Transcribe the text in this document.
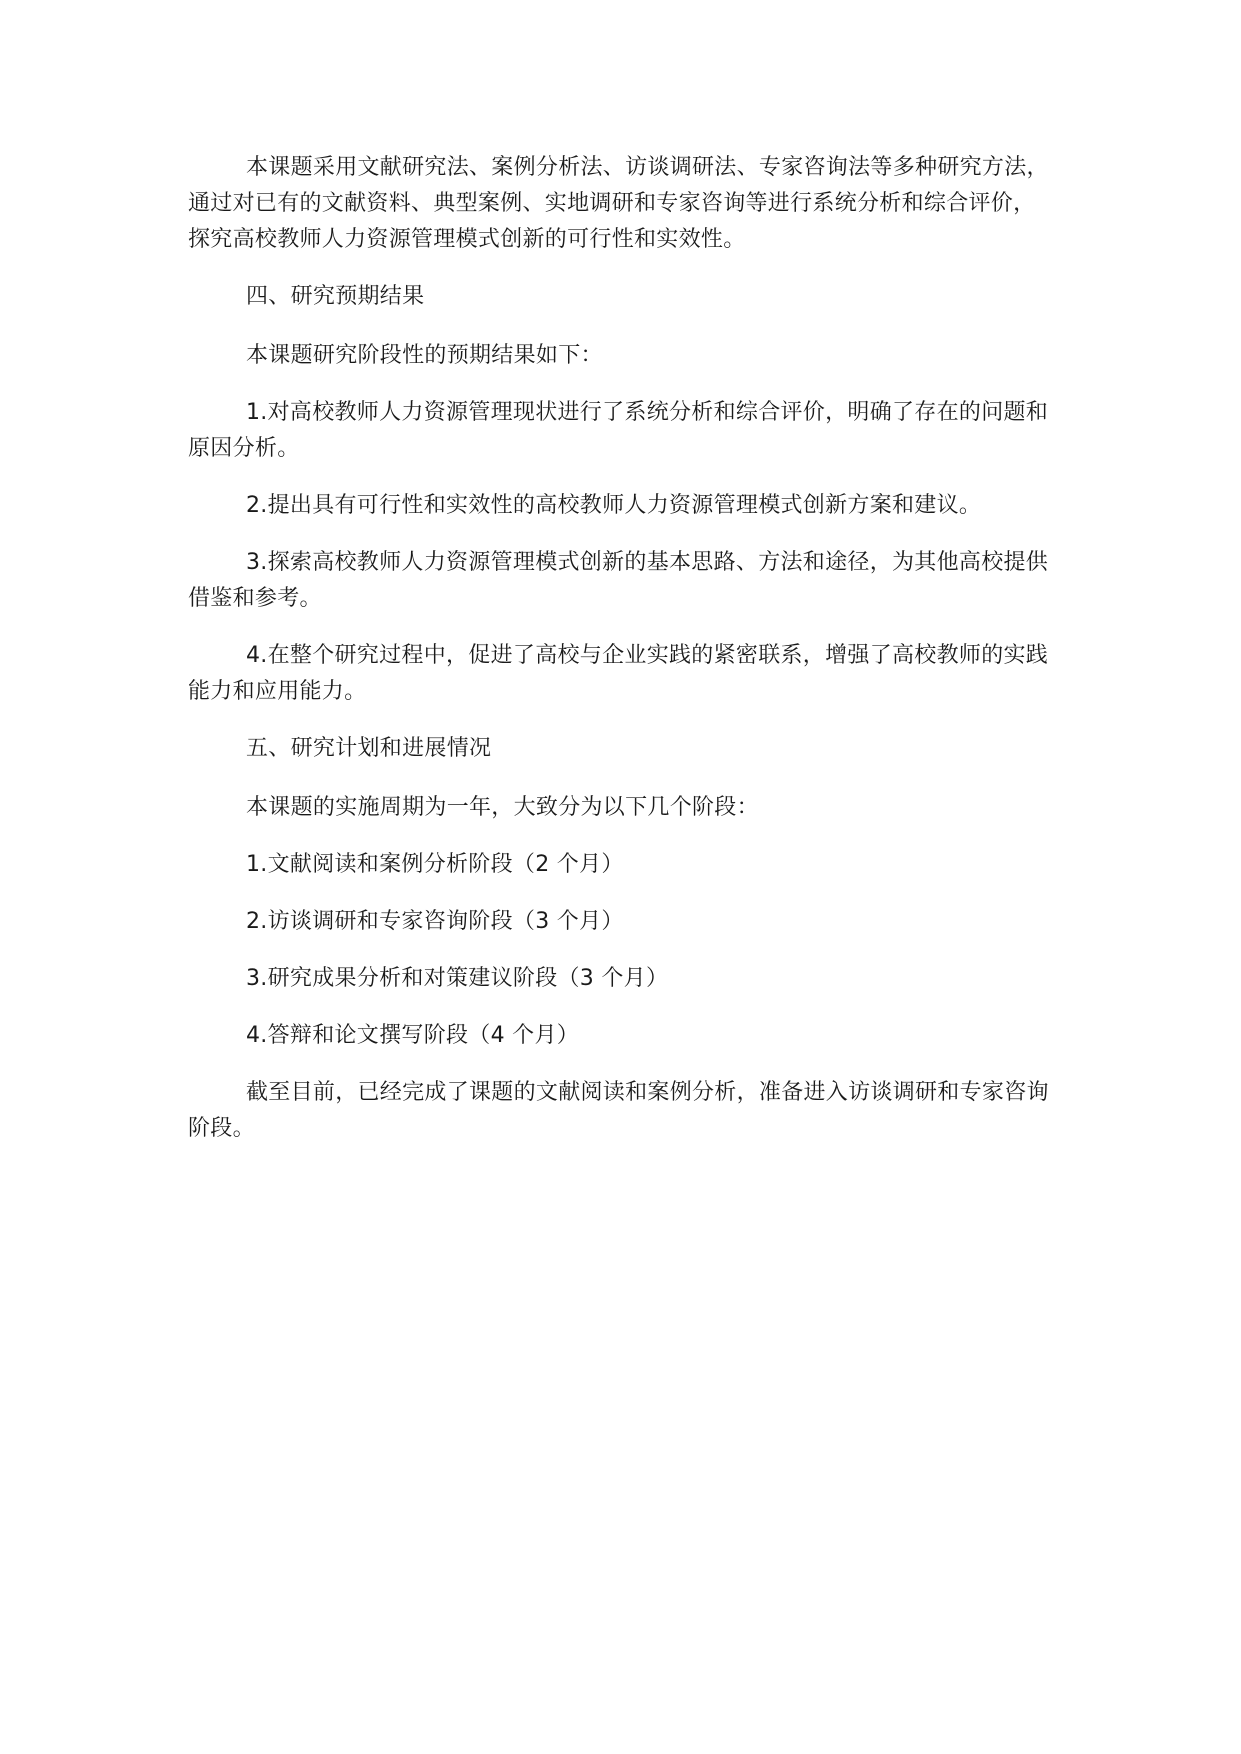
本课题采用文献研究法、案例分析法、访谈调研法、专家咨询法等多种研究方法，通过对已有的文献资料、典型案例、实地调研和专家咨询等进行系统分析和综合评价，探究高校教师人力资源管理模式创新的可行性和实效性。

四、研究预期结果

本课题研究阶段性的预期结果如下：

1.对高校教师人力资源管理现状进行了系统分析和综合评价，明确了存在的问题和原因分析。

2.提出具有可行性和实效性的高校教师人力资源管理模式创新方案和建议。

3.探索高校教师人力资源管理模式创新的基本思路、方法和途径，为其他高校提供借鉴和参考。

4.在整个研究过程中，促进了高校与企业实践的紧密联系，增强了高校教师的实践能力和应用能力。

五、研究计划和进展情况

本课题的实施周期为一年，大致分为以下几个阶段：

1.文献阅读和案例分析阶段（2 个月）

2.访谈调研和专家咨询阶段（3 个月）

3.研究成果分析和对策建议阶段（3 个月）

4.答辩和论文撰写阶段（4 个月）

截至目前，已经完成了课题的文献阅读和案例分析，准备进入访谈调研和专家咨询阶段。
